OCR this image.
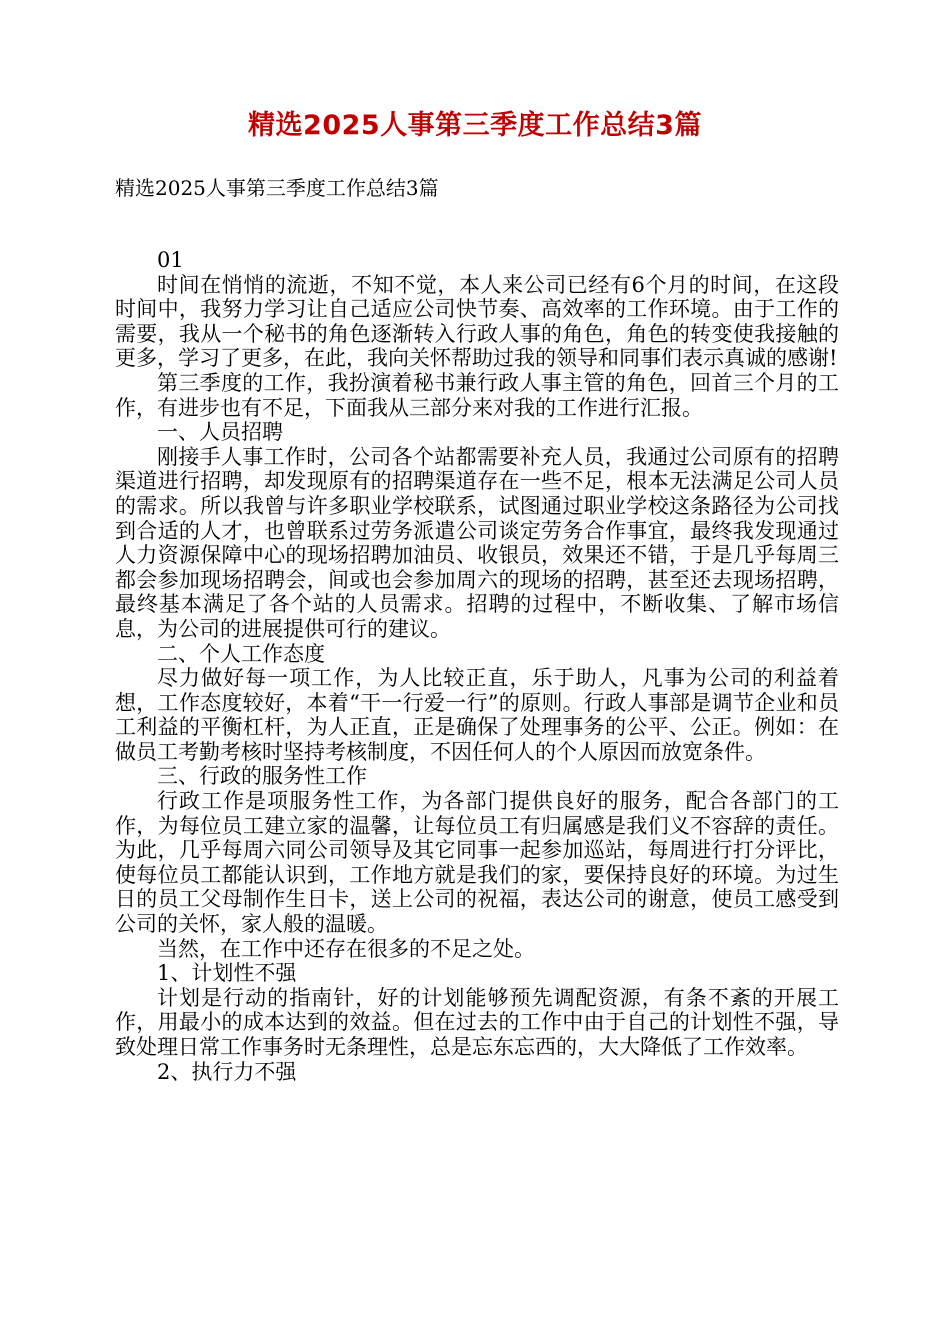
精选2025人事第三季度工作总结3篇
精选2025人事第三季度工作总结3篇

01

时间在悄悄的流逝，不知不觉，本人来公司已经有6个月的时间，在这段时间中，我努力学习让自己适应公司快节奏、高效率的工作环境。由于工作的需要，我从一个秘书的角色逐渐转入行政人事的角色，角色的转变使我接触的更多，学习了更多，在此，我向关怀帮助过我的领导和同事们表示真诚的感谢!

第三季度的工作，我扮演着秘书兼行政人事主管的角色，回首三个月的工作，有进步也有不足，下面我从三部分来对我的工作进行汇报。

一、人员招聘

刚接手人事工作时，公司各个站都需要补充人员，我通过公司原有的招聘渠道进行招聘，却发现原有的招聘渠道存在一些不足，根本无法满足公司人员的需求。所以我曾与许多职业学校联系，试图通过职业学校这条路径为公司找到合适的人才，也曾联系过劳务派遣公司谈定劳务合作事宜，最终我发现通过人力资源保障中心的现场招聘加油员、收银员，效果还不错，于是几乎每周三都会参加现场招聘会，间或也会参加周六的现场的招聘，甚至还去现场招聘，最终基本满足了各个站的人员需求。招聘的过程中，不断收集、了解市场信息，为公司的进展提供可行的建议。

二、个人工作态度

尽力做好每一项工作，为人比较正直，乐于助人，凡事为公司的利益着想，工作态度较好，本着“干一行爱一行”的原则。行政人事部是调节企业和员工利益的平衡杠杆，为人正直，正是确保了处理事务的公平、公正。例如：在做员工考勤考核时坚持考核制度，不因任何人的个人原因而放宽条件。

三、行政的服务性工作

行政工作是项服务性工作，为各部门提供良好的服务，配合各部门的工作，为每位员工建立家的温馨，让每位员工有归属感是我们义不容辞的责任。为此，几乎每周六同公司领导及其它同事一起参加巡站，每周进行打分评比，使每位员工都能认识到，工作地方就是我们的家，要保持良好的环境。为过生日的员工父母制作生日卡，送上公司的祝福，表达公司的谢意，使员工感受到公司的关怀，家人般的温暖。

当然，在工作中还存在很多的不足之处。

1、计划性不强

计划是行动的指南针，好的计划能够预先调配资源，有条不紊的开展工作，用最小的成本达到的效益。但在过去的工作中由于自己的计划性不强，导致处理日常工作事务时无条理性，总是忘东忘西的，大大降低了工作效率。

2、执行力不强
